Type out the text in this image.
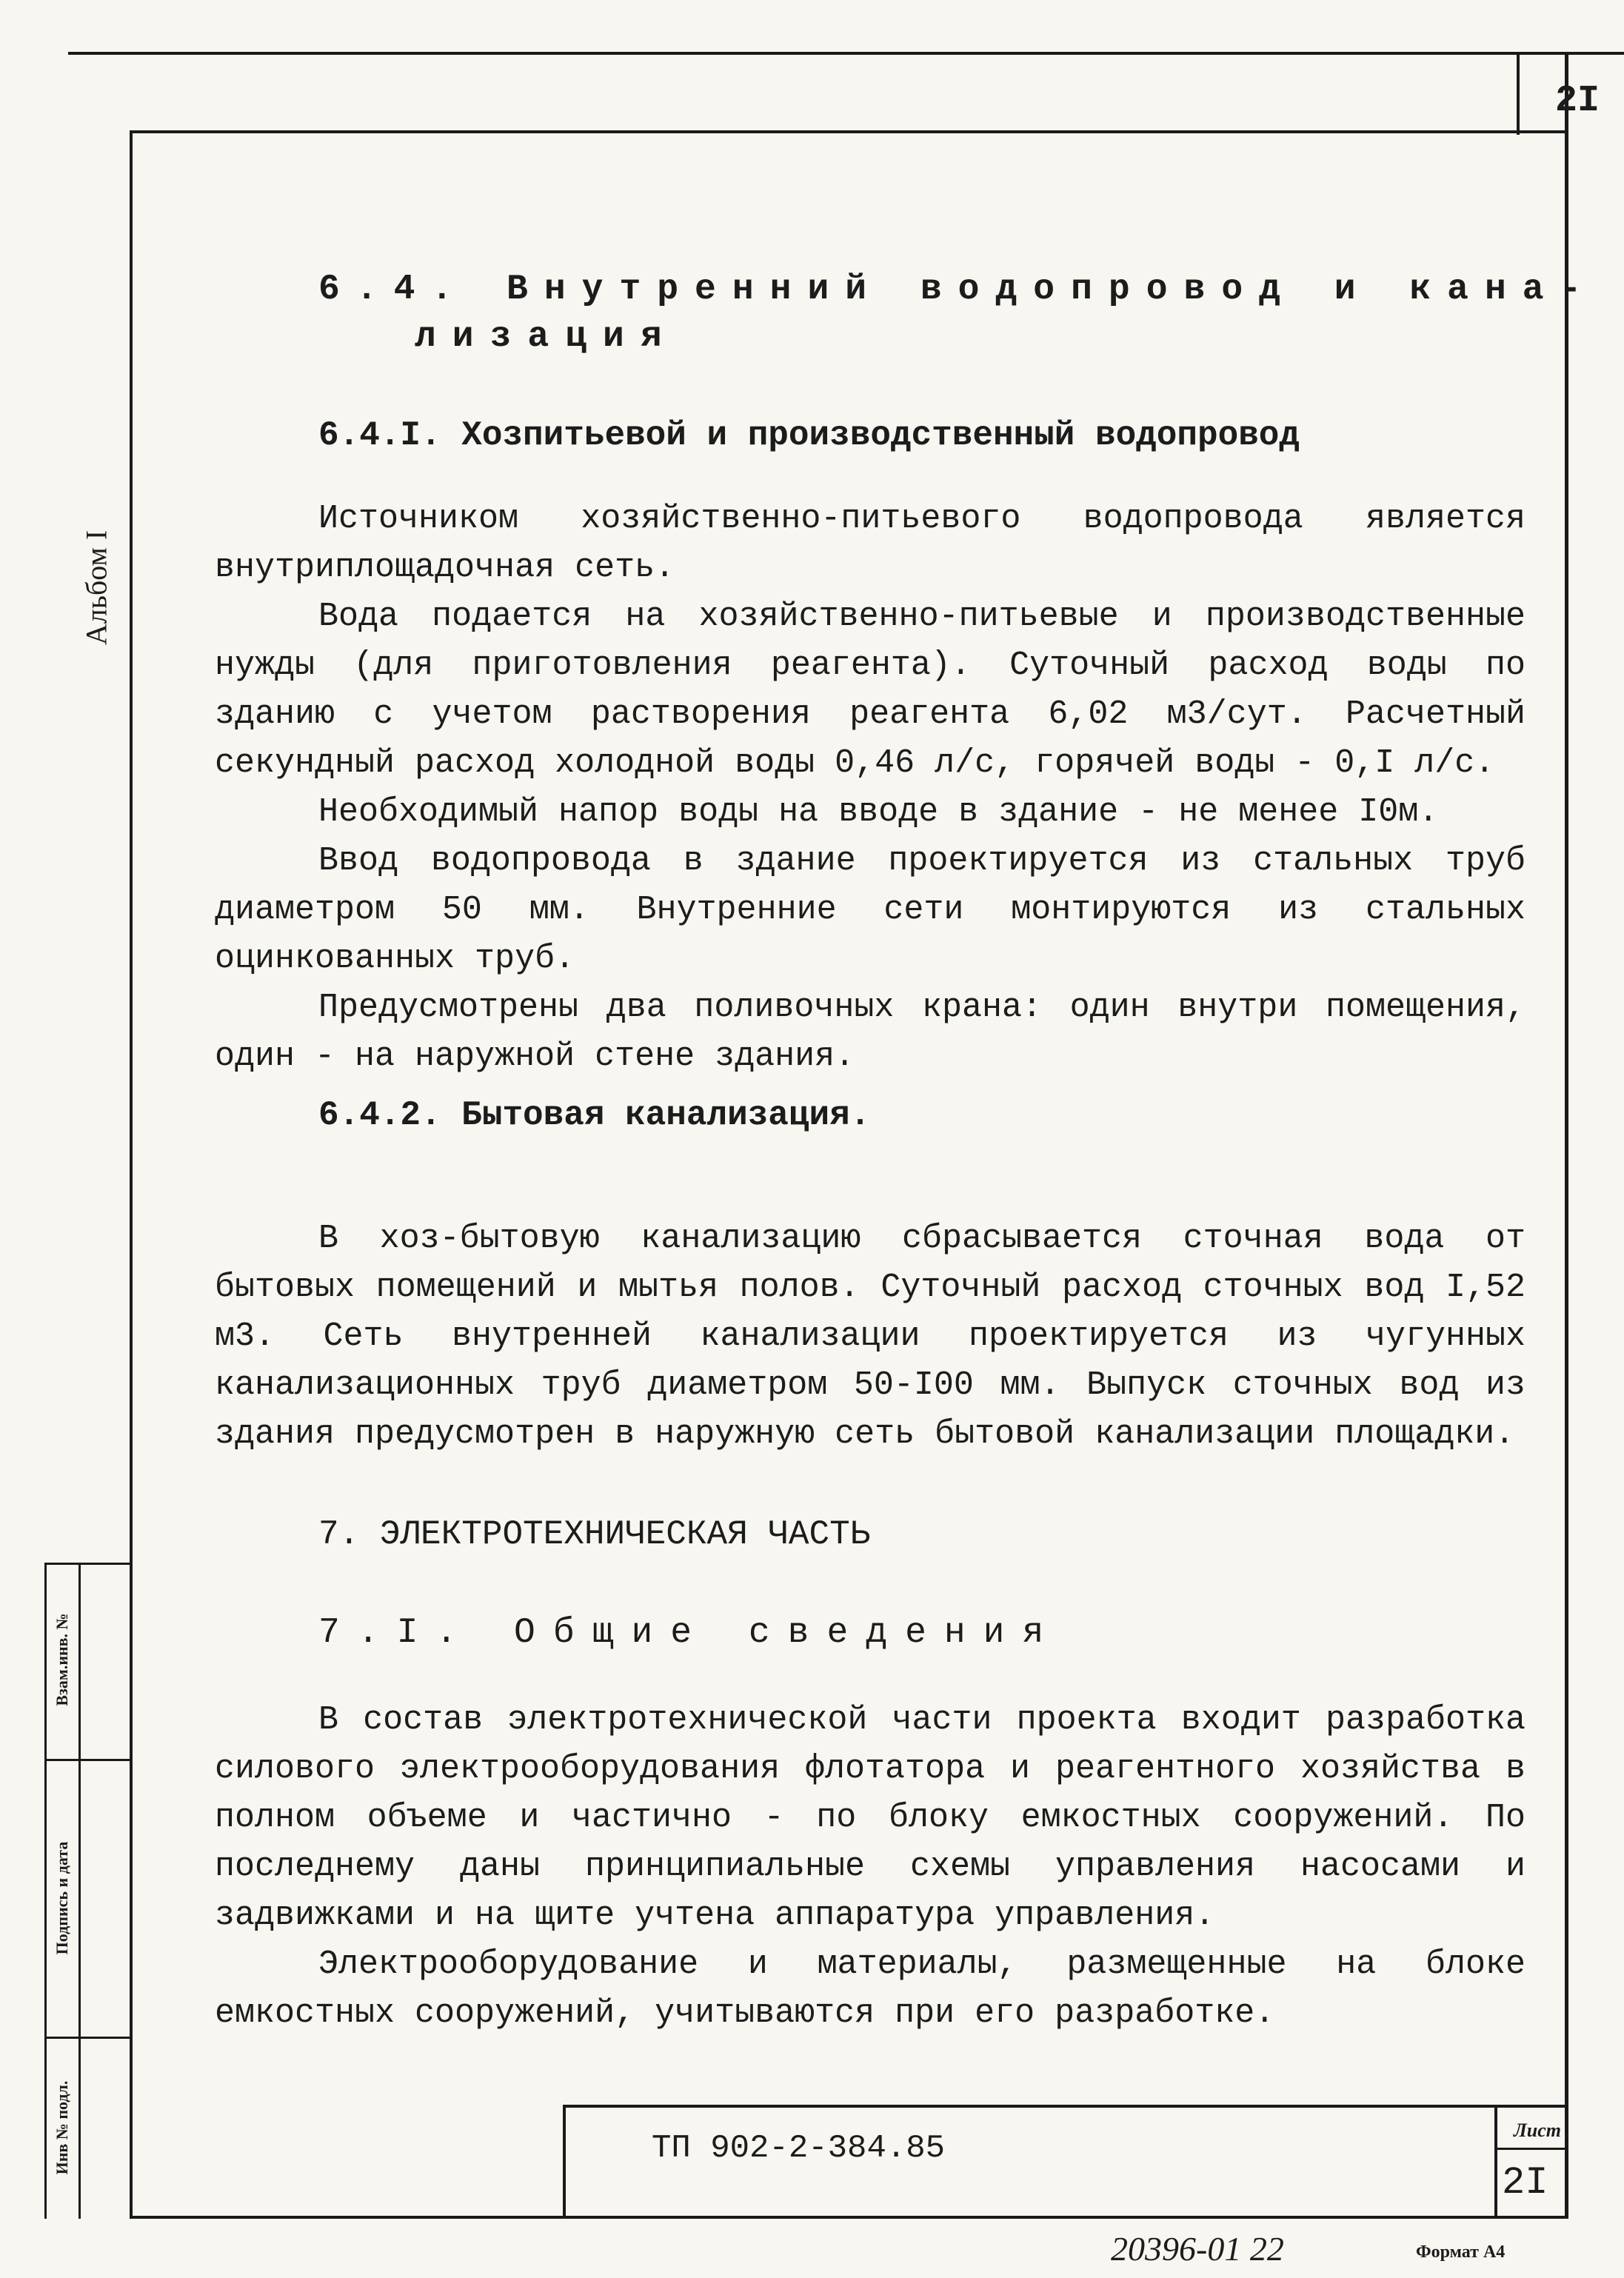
2I
Альбом I
Взам.инв. №
Подпись и дата
Инв № подл.
6.4. Внутренний водопровод и кана-
лизация
6.4.I. Хозпитьевой и производственный водопровод

Источником хозяйственно-питьевого водопровода является внутриплощадочная сеть.

Вода подается на хозяйственно-питьевые и производственные нужды (для приготовления реагента). Суточный расход воды по зданию с учетом растворения реагента 6,02 м3/сут. Расчетный секундный расход холодной воды 0,46 л/с, горячей воды - 0,I л/с.

Необходимый напор воды на вводе в здание - не менее I0м.

Ввод водопровода в здание проектируется из стальных труб диаметром 50 мм. Внутренние сети монтируются из стальных оцинкованных труб.

Предусмотрены два поливочных крана: один внутри помещения, один - на наружной стене здания.

6.4.2. Бытовая канализация.

В хоз-бытовую канализацию сбрасывается сточная вода от бытовых помещений и мытья полов. Суточный расход сточных вод I,52 м3. Сеть внутренней канализации проектируется из чугунных канализационных труб диаметром 50-I00 мм. Выпуск сточных вод из здания предусмотрен в наружную сеть бытовой канализации площадки.

7. ЭЛЕКТРОТЕХНИЧЕСКАЯ ЧАСТЬ
7.I. Общие сведения

В состав электротехнической части проекта входит разработка силового электрооборудования флотатора и реагентного хозяйства в полном объеме и частично - по блоку емкостных сооружений. По последнему даны принципиальные схемы управления насосами и задвижками и на щите учтена аппаратура управления.

Электрооборудование и материалы, размещенные на блоке емкостных сооружений, учитываются при его разработке.

ТП 902-2-384.85	Лист
2I
20396-01 22	Формат А4
